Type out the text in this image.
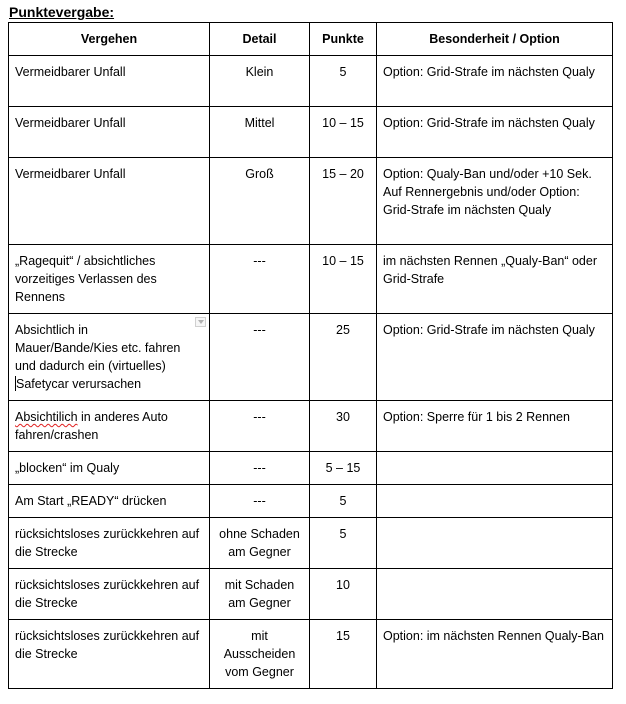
Punktevergabe:
Vergehen	Detail	Punkte	Besonderheit / Option
Vermeidbarer Unfall	Klein	5	Option: Grid-Strafe im nächsten Qualy
Vermeidbarer Unfall	Mittel	10 – 15	Option: Grid-Strafe im nächsten Qualy
Vermeidbarer Unfall	Groß	15 – 20	Option: Qualy-Ban und/oder +10 Sek. Auf Rennergebnis und/oder Option: Grid-Strafe im nächsten Qualy
„Ragequit“ / absichtliches vorzeitiges Verlassen des Rennens	---	10 – 15	im nächsten Rennen „Qualy-Ban“ oder Grid-Strafe

Absichtlich in
Mauer/Bande/Kies etc. fahren
und dadurch ein (virtuelles)
Safetycar verursachen	---	25	Option: Grid-Strafe im nächsten Qualy
Absichtilich in anderes Auto fahren/crashen	---	30	Option: Sperre für 1 bis 2 Rennen
„blocken“ im Qualy	---	5 – 15	
Am Start „READY“ drücken	---	5	
rücksichtsloses zurückkehren auf die Strecke	ohne Schaden am Gegner	5	
rücksichtsloses zurückkehren auf die Strecke	mit Schaden am Gegner	10	
rücksichtsloses zurückkehren auf die Strecke	mit
Ausscheiden
vom Gegner	15	Option: im nächsten Rennen Qualy-Ban
